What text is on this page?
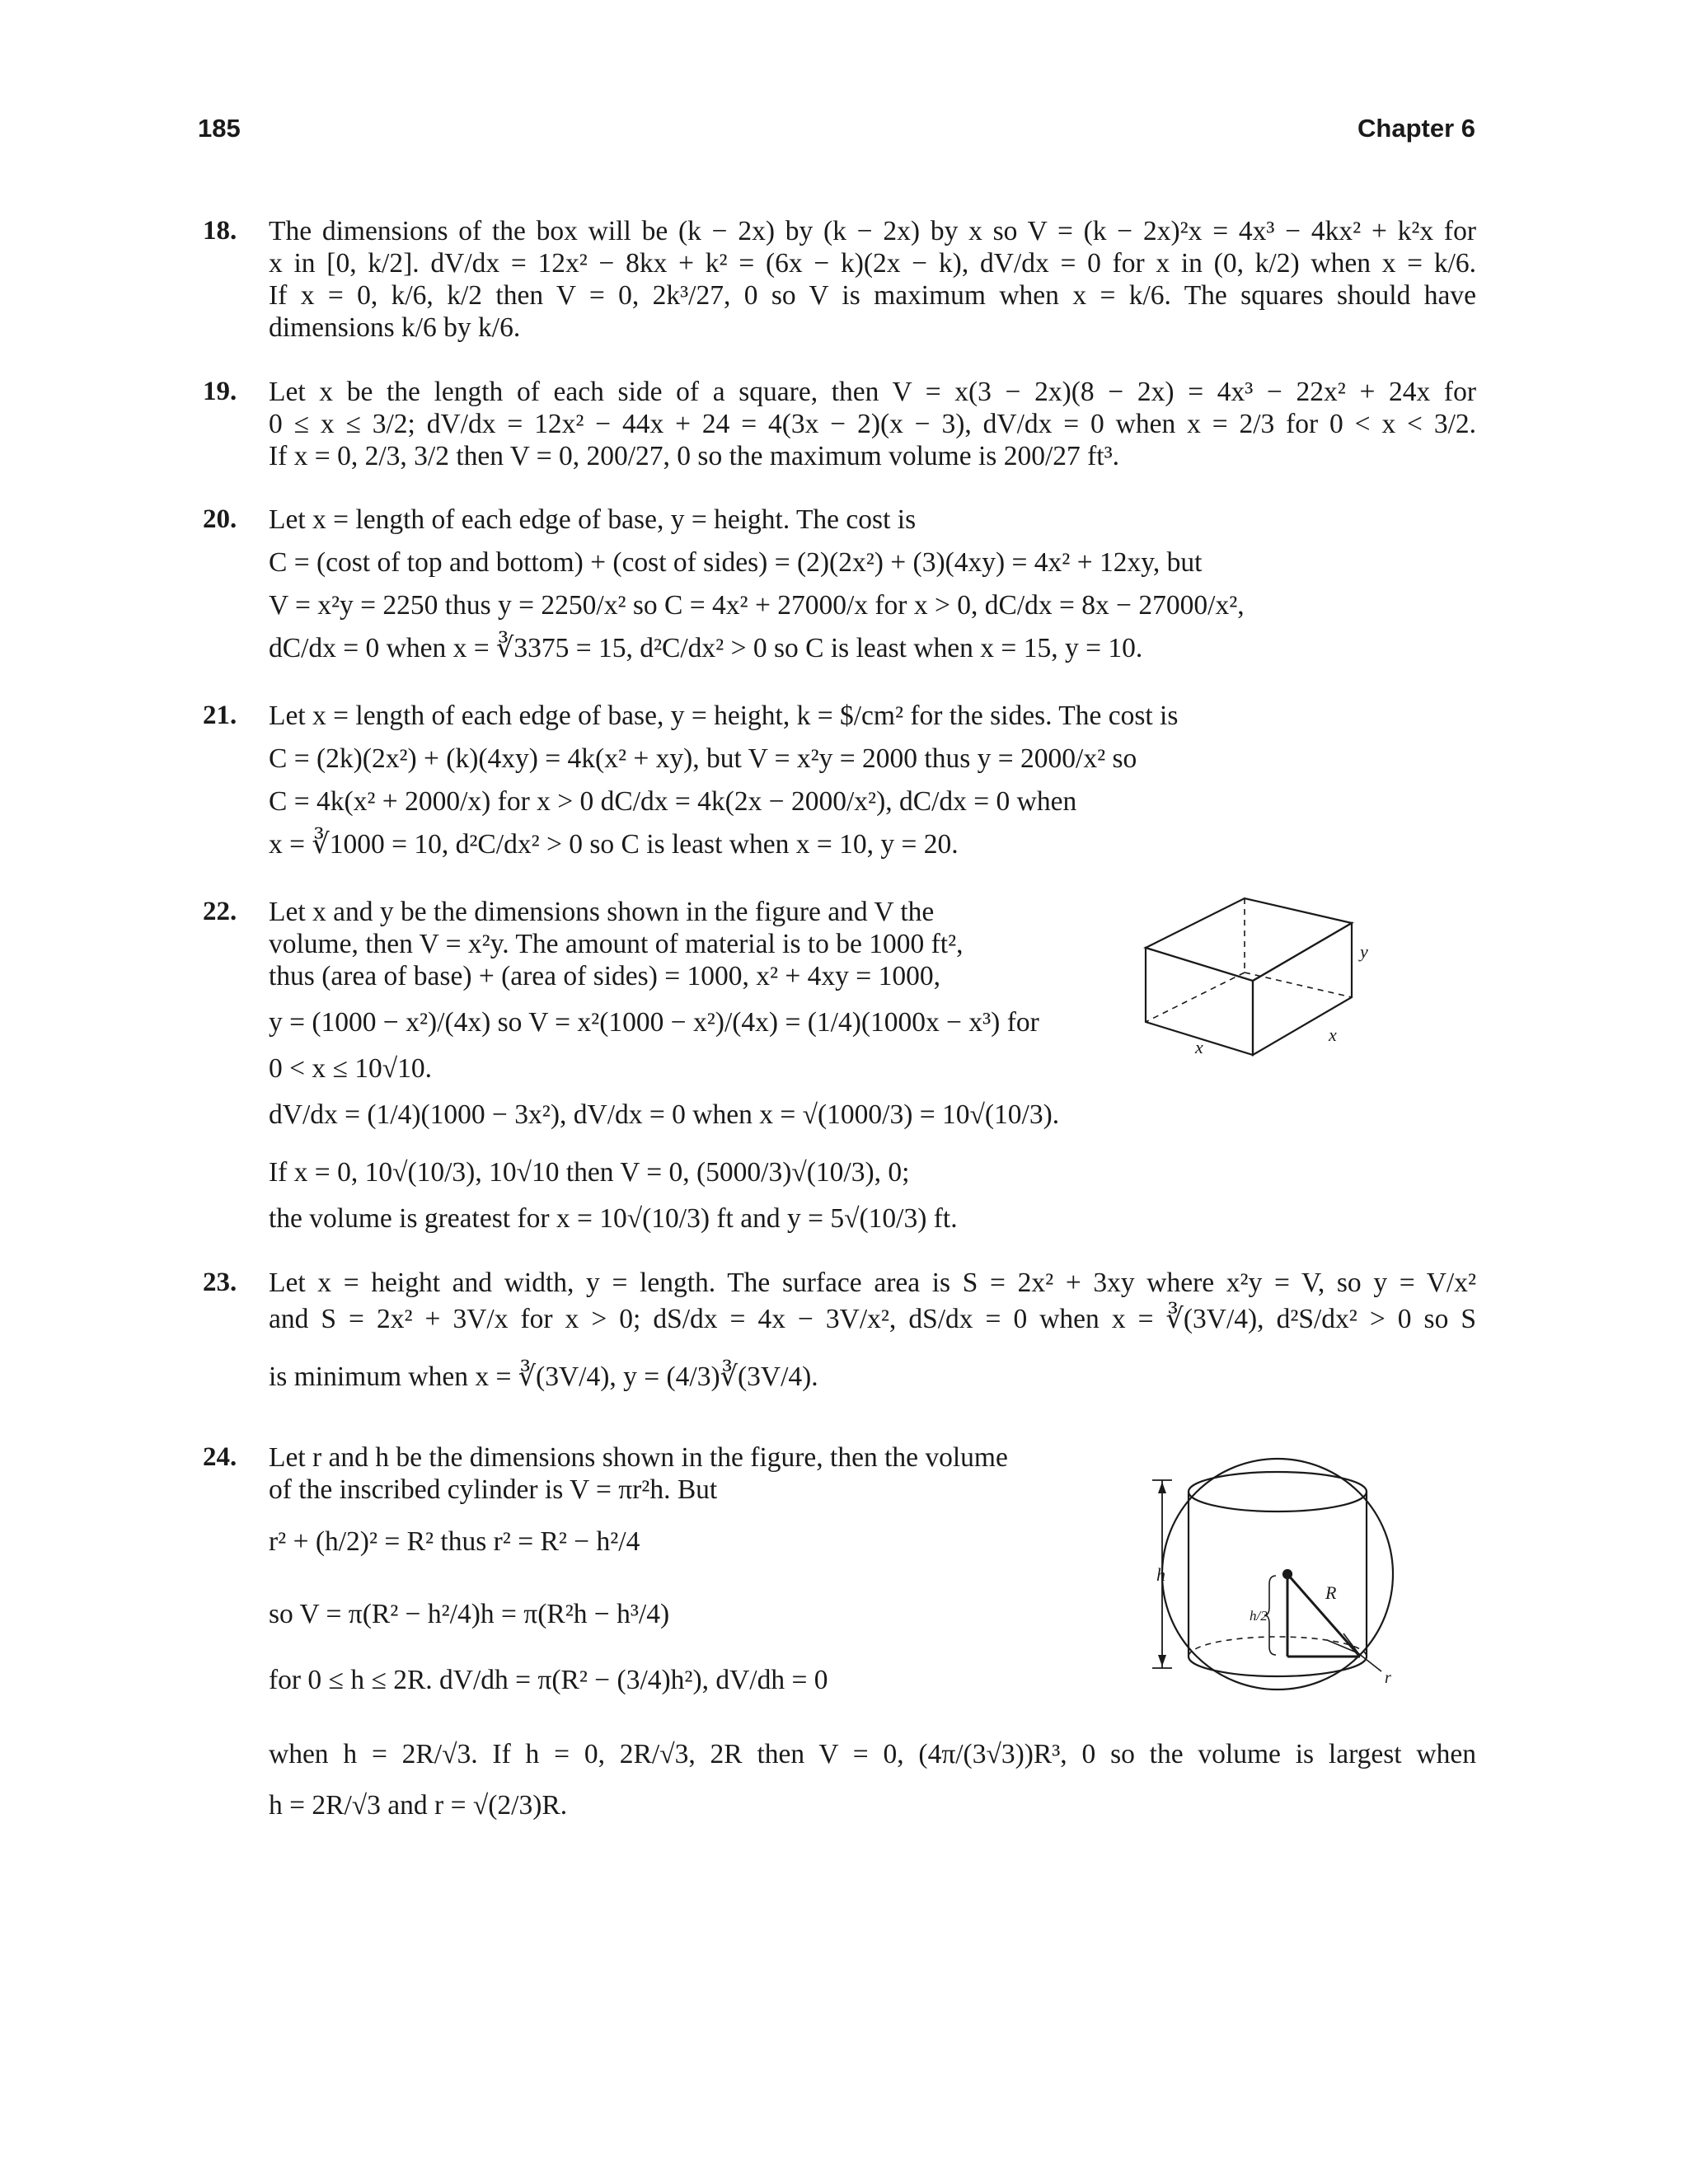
185	Chapter 6
18. The dimensions of the box will be (k − 2x) by (k − 2x) by x so V = (k − 2x)²x = 4x³ − 4kx² + k²x for
x in [0, k/2]. dV/dx = 12x² − 8kx + k² = (6x − k)(2x − k), dV/dx = 0 for x in (0, k/2) when x = k/6.
If x = 0, k/6, k/2 then V = 0, 2k³/27, 0 so V is maximum when x = k/6. The squares should have
dimensions k/6 by k/6.
19. Let x be the length of each side of a square, then V = x(3 − 2x)(8 − 2x) = 4x³ − 22x² + 24x for
0 ≤ x ≤ 3/2; dV/dx = 12x² − 44x + 24 = 4(3x − 2)(x − 3), dV/dx = 0 when x = 2/3 for 0 < x < 3/2.
If x = 0, 2/3, 3/2 then V = 0, 200/27, 0 so the maximum volume is 200/27 ft³.
20. Let x = length of each edge of base, y = height. The cost is
C = (cost of top and bottom) + (cost of sides) = (2)(2x²) + (3)(4xy) = 4x² + 12xy, but
V = x²y = 2250 thus y = 2250/x² so C = 4x² + 27000/x for x > 0, dC/dx = 8x − 27000/x²,
dC/dx = 0 when x = ∛3375 = 15, d²C/dx² > 0 so C is least when x = 15, y = 10.
21. Let x = length of each edge of base, y = height, k = $/cm² for the sides. The cost is
C = (2k)(2x²) + (k)(4xy) = 4k(x² + xy), but V = x²y = 2000 thus y = 2000/x² so
C = 4k(x² + 2000/x) for x > 0 dC/dx = 4k(2x − 2000/x²), dC/dx = 0 when
x = ∛1000 = 10, d²C/dx² > 0 so C is least when x = 10, y = 20.
22. Let x and y be the dimensions shown in the figure and V the
volume, then V = x²y. The amount of material is to be 1000 ft²,
thus (area of base) + (area of sides) = 1000, x² + 4xy = 1000,
y = (1000 − x²)/(4x) so V = x²(1000 − x²)/(4x) = (1/4)(1000x − x³) for
0 < x ≤ 10√10.
dV/dx = (1/4)(1000 − 3x²), dV/dx = 0 when x = √(1000/3) = 10√(10/3).
If x = 0, 10√(10/3), 10√10 then V = 0, (5000/3)√(10/3), 0;
the volume is greatest for x = 10√(10/3) ft and y = 5√(10/3) ft.
x
x
y
23. Let x = height and width, y = length. The surface area is S = 2x² + 3xy where x²y = V, so y = V/x²
and S = 2x² + 3V/x for x > 0; dS/dx = 4x − 3V/x², dS/dx = 0 when x = ∛(3V/4), d²S/dx² > 0 so S
is minimum when x = ∛(3V/4), y = (4/3)∛(3V/4).
24. Let r and h be the dimensions shown in the figure, then the volume
of the inscribed cylinder is V = πr²h. But
r² + (h/2)² = R² thus r² = R² − h²/4
so V = π(R² − h²/4)h = π(R²h − h³/4)
for 0 ≤ h ≤ 2R. dV/dh = π(R² − (3/4)h²), dV/dh = 0
when h = 2R/√3. If h = 0, 2R/√3, 2R then V = 0, (4π/(3√3))R³, 0 so the volume is largest when
h = 2R/√3 and r = √(2/3)R.
h
h/2
R
r
